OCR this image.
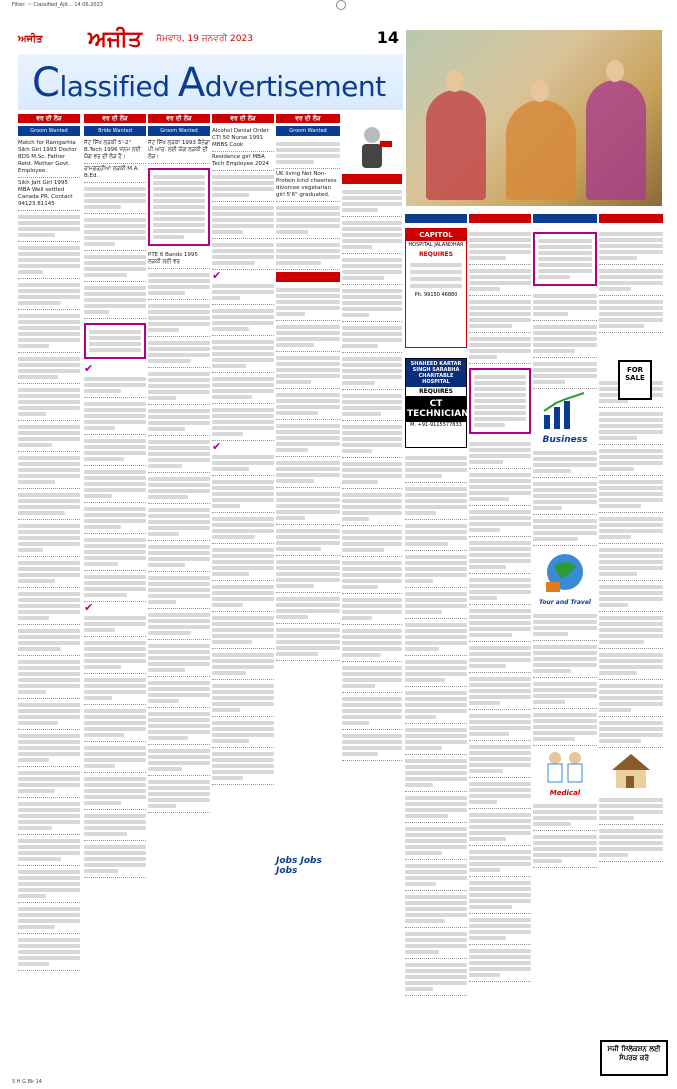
Filter: ~ Classified_Ajit... 14.06.2023
ਅਜੀਤ	ਅਜੀਤ ਸੋਮਵਾਰ, 19 ਜਨਵਰੀ 2023	14
Classified Advertisement
ਵਰ ਦੀ ਲੋੜ
Groom Wanted
Match for Ramgarhia Sikh Girl 1993 Doctor BDS M.Sc. Father Retd. Mother Govt. Employee.
Sikh Jatt Girl 1995 MBA Well settled Canada PR. Contact 94123 81145
ਵਰ ਦੀ ਲੋੜ
Bride Wanted
ਜੱਟ ਸਿੱਖ ਲੜਕੀ 5'-2" B.Tech 1996 ਜਨਮ ਲਈ ਯੋਗ ਵਰ ਦੀ ਲੋੜ ਹੈ।
ਰਾਮਗੜ੍ਹੀਆ ਲੜਕੀ M.A. B.Ed.
✔
✔
ਵਰ ਦੀ ਲੋੜ
Groom Wanted
ਜੱਟ ਸਿੱਖ ਲੜਕਾ 1993 ਕੈਨੇਡਾ ਪੀ.ਆਰ. ਲਈ ਯੋਗ ਲੜਕੀ ਦੀ ਲੋੜ।
PTE 6 Bands 1995 ਲੜਕੀ ਲਈ ਵਰ
ਵਰ ਦੀ ਲੋੜ
Alcohol Denial Order CTI 50 Nurse 1991 MBBS Cook
Residence girl MBA Tech Employee 2024
✔
✔
ਵਰ ਦੀ ਲੋੜ
Groom Wanted
UK living Net Non-Protein kind cheerless divorcee vegetarian girl 5'6" graduated.

Jobs Jobs Jobs
CAPITOL
HOSPITAL JALANDHAR
REQUIRES
Ph. 99150 46880
SHAHEED KARTAR SINGH SARABHA CHARITABLE HOSPITAL
REQUIRES
CT TECHNICIAN
M. +91-9115577833
Business
Tour and Travel
Medical
FOR SALE
ਸਜੀ ਸਿਲੇਕਸ਼ਨ ਲਈ ਸੰਪਰਕ ਕਰੋ
S H G Bk 14
